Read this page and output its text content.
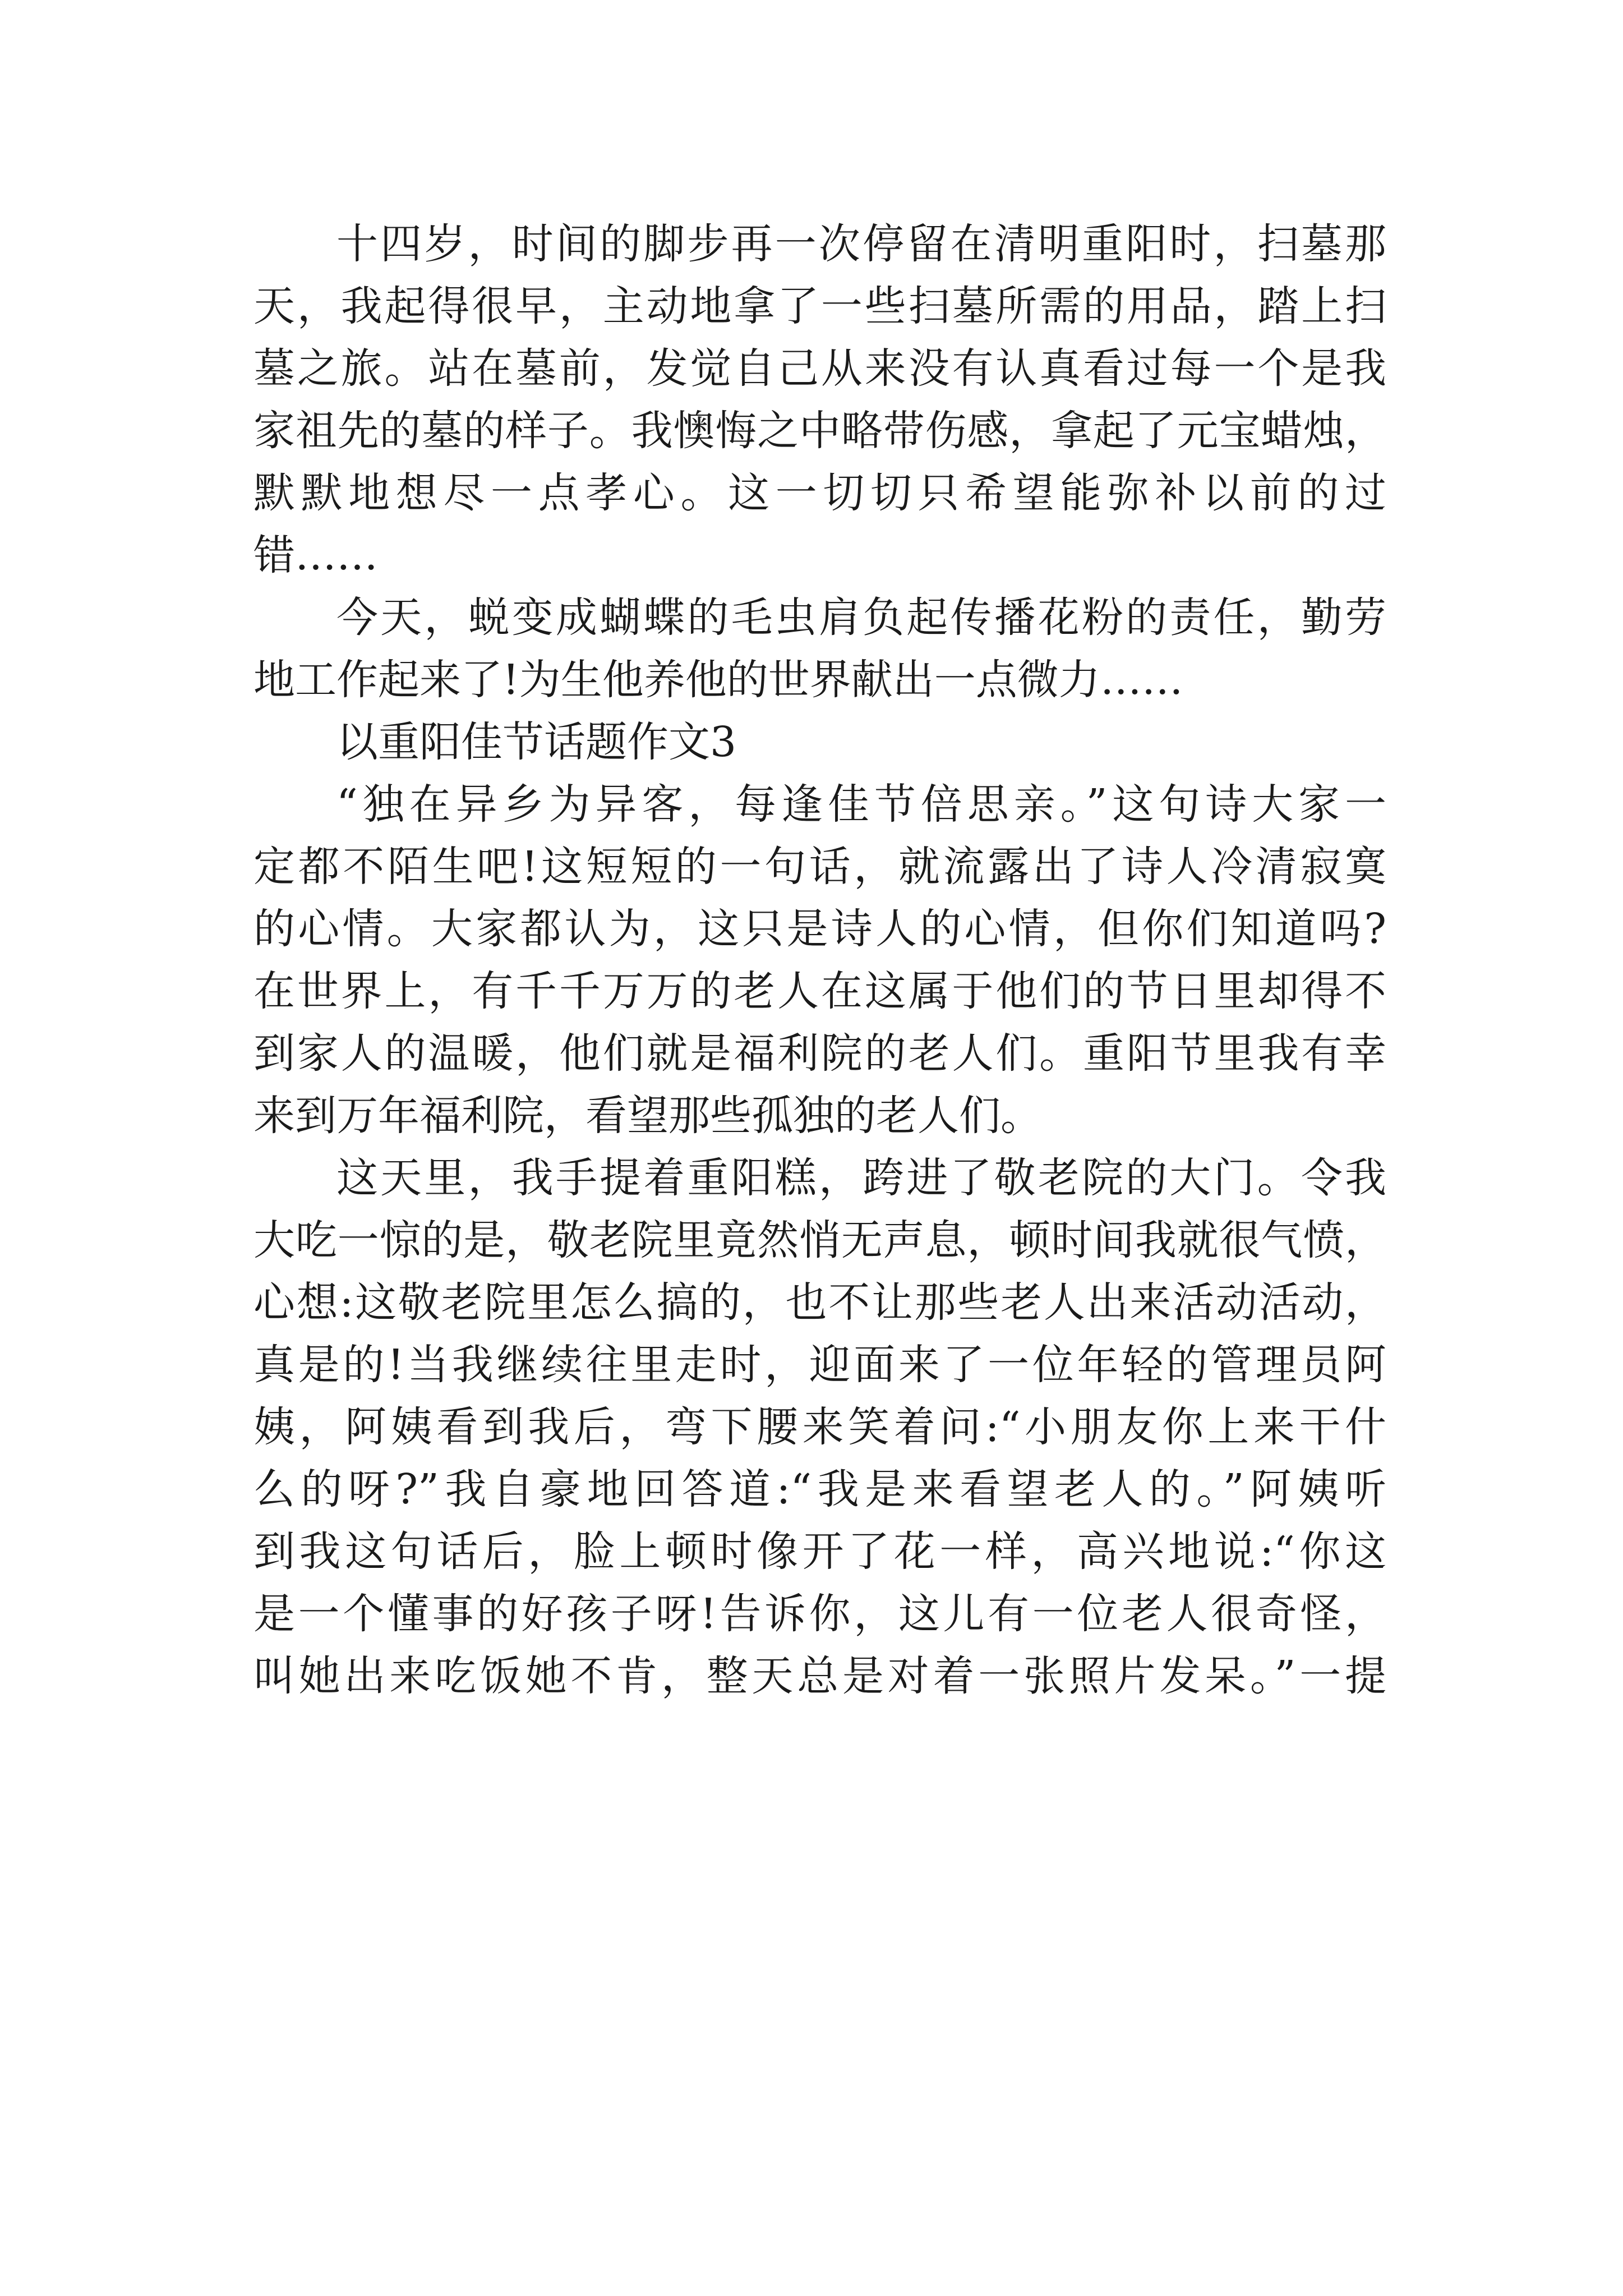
十四岁，时间的脚步再一次停留在清明重阳时，扫墓那
天，我起得很早，主动地拿了一些扫墓所需的用品，踏上扫
墓之旅。站在墓前，发觉自己从来没有认真看过每一个是我
家祖先的墓的样子。我懊悔之中略带伤感，拿起了元宝蜡烛，
默默地想尽一点孝心。这一切切只希望能弥补以前的过
错……
今天，蜕变成蝴蝶的毛虫肩负起传播花粉的责任，勤劳
地工作起来了!为生他养他的世界献出一点微力……
以重阳佳节话题作文3
“独在异乡为异客，每逢佳节倍思亲。”这句诗大家一
定都不陌生吧!这短短的一句话，就流露出了诗人冷清寂寞
的心情。大家都认为，这只是诗人的心情，但你们知道吗?
在世界上，有千千万万的老人在这属于他们的节日里却得不
到家人的温暖，他们就是福利院的老人们。重阳节里我有幸
来到万年福利院，看望那些孤独的老人们。
这天里，我手提着重阳糕，跨进了敬老院的大门。令我
大吃一惊的是，敬老院里竟然悄无声息，顿时间我就很气愤，
心想:这敬老院里怎么搞的，也不让那些老人出来活动活动，
真是的!当我继续往里走时，迎面来了一位年轻的管理员阿
姨，阿姨看到我后，弯下腰来笑着问:“小朋友你上来干什
么的呀?”我自豪地回答道:“我是来看望老人的。”阿姨听
到我这句话后，脸上顿时像开了花一样，高兴地说:“你这
是一个懂事的好孩子呀!告诉你，这儿有一位老人很奇怪，
叫她出来吃饭她不肯，整天总是对着一张照片发呆。”一提
